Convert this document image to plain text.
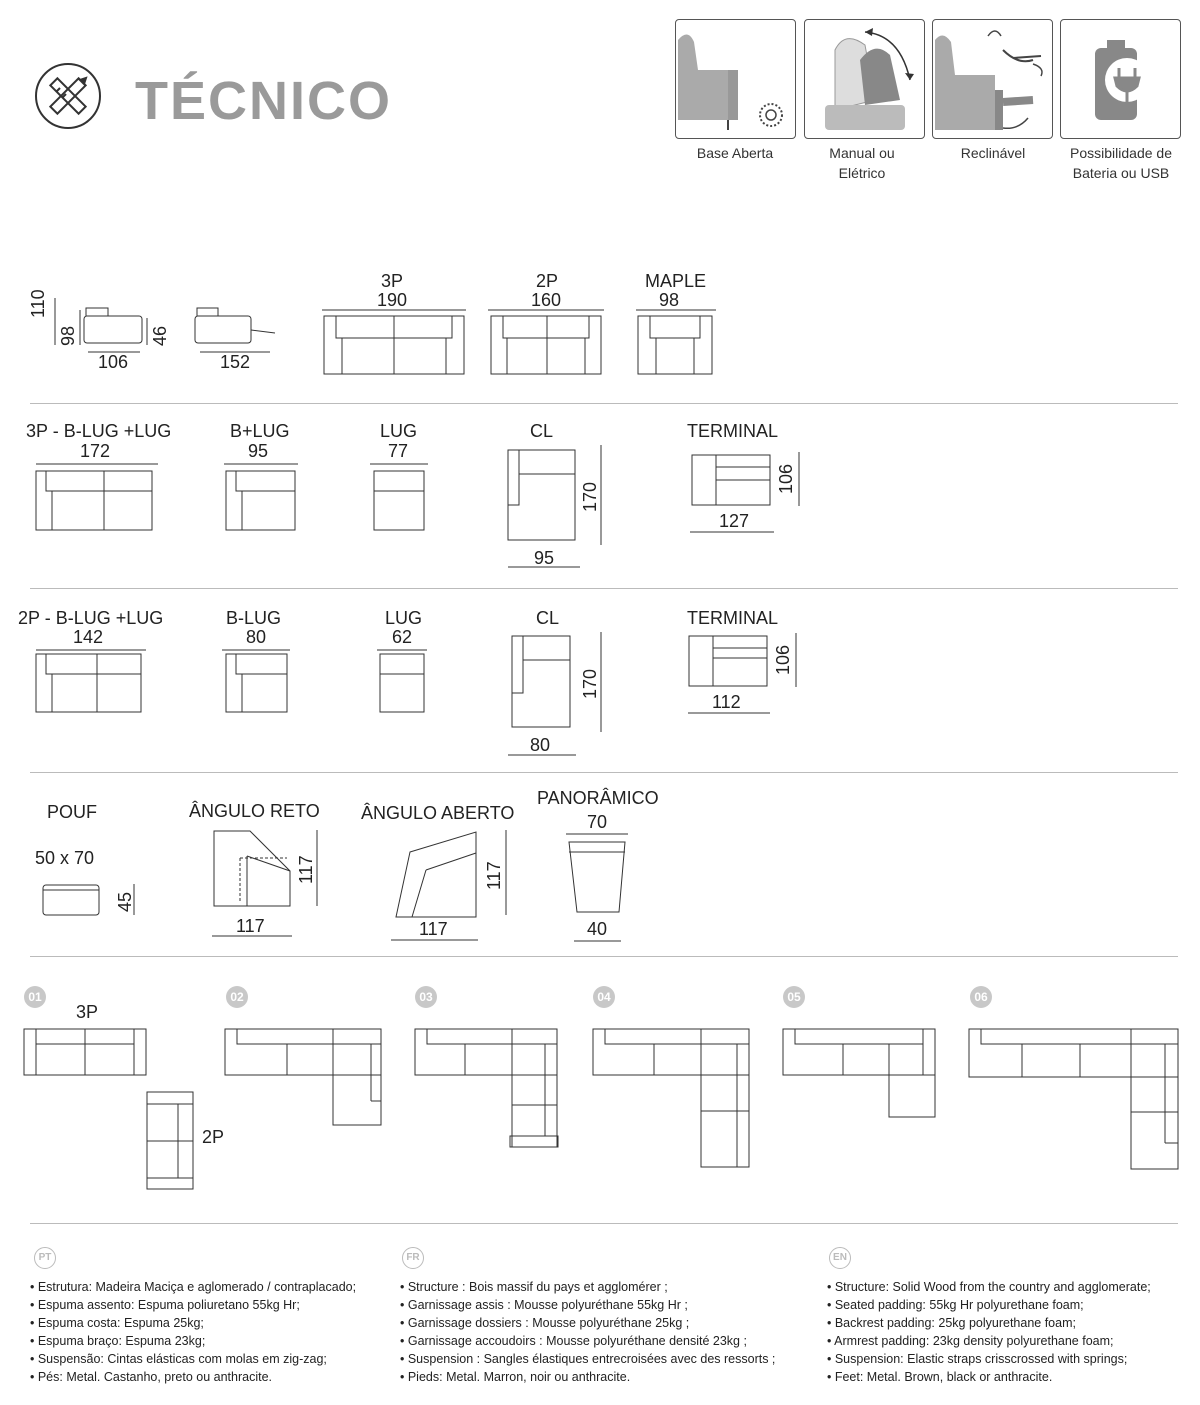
TÉCNICO
Base Aberta	Manual ou
Elétrico
Reclinável	Possibilidade de
Bateria ou USB
110
98	46
106	152
3P
190
2P
160
MAPLE
98
3P - B-LUG +LUG
172
B+LUG
95
LUG
77
CL
95
170
TERMINAL
127
106
2P - B-LUG +LUG
142
B-LUG
80
LUG
62
CL
80
170
TERMINAL
112
106
POUF
50 x 70
45
ÂNGULO RETO
117
117
ÂNGULO ABERTO
117
117
PANORÂMICO
70
40
01	02	03	04	05	06
3P
2P
PT	FR	EN
• Estrutura: Madeira Maciça e aglomerado / contraplacado;
• Espuma assento: Espuma poliuretano 55kg Hr;
• Espuma costa: Espuma 25kg;
• Espuma braço: Espuma 23kg;
• Suspensão: Cintas elásticas com molas em zig-zag;
• Pés: Metal. Castanho, preto ou anthracite.
• Structure : Bois massif du pays et agglomérer ;
• Garnissage assis : Mousse polyuréthane 55kg Hr ;
• Garnissage dossiers : Mousse polyuréthane 25kg ;
• Garnissage accoudoirs : Mousse polyuréthane densité 23kg ;
• Suspension : Sangles élastiques entrecroisées avec des ressorts ;
• Pieds: Metal. Marron, noir ou anthracite.
• Structure: Solid Wood from the country and agglomerate;
• Seated padding: 55kg Hr polyurethane foam;
• Backrest padding: 25kg polyurethane foam;
• Armrest padding: 23kg density polyurethane foam;
• Suspension: Elastic straps crisscrossed with springs;
• Feet: Metal. Brown, black or anthracite.
